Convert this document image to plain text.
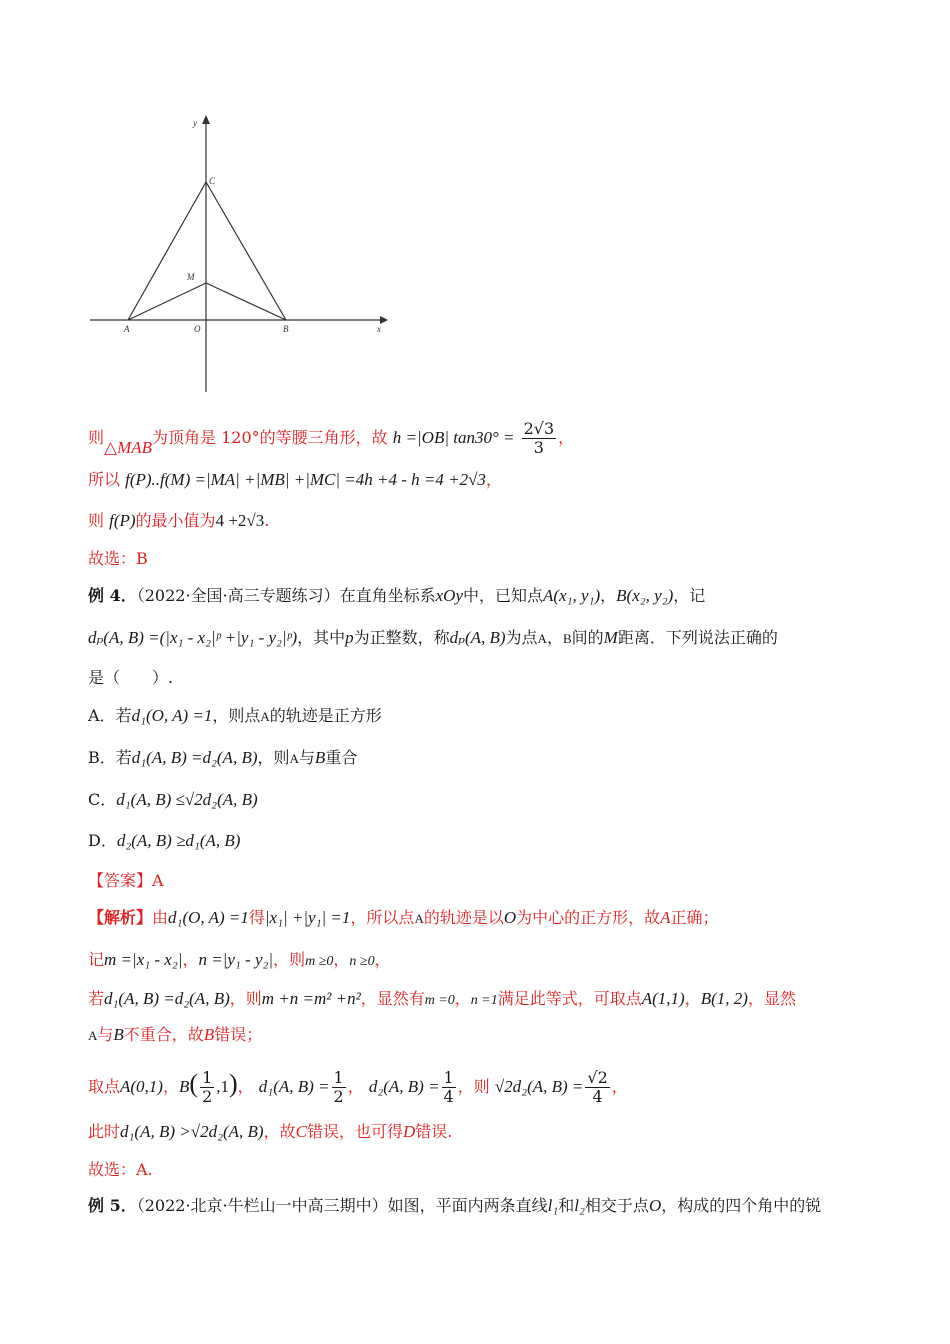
y
x
C
M
A	O	B
则△MAB为顶角是 120°的等腰三角形，故 h =|OB| $\tan 30^\circ = \frac{2√3}{3}$ ，
所以 f(P)..f(M) =|MA| +|MB| +|MC| =4h +4 - h =4 +2√3，
则 f(P)的最小值为4 +2√3.
故选：B
例 4．（2022·全国·高三专题练习）在直角坐标系xOy中，已知点A(x₁, y₁)，B(x₂, y₂)，记
dₚ(A, B) =(|x₁ - x₂|ᵖ +|y₁ - y₂|ᵖ)，其中p为正整数，称dₚ(A, B)为点A，B间的M距离．下列说法正确的
是（　　）.
A．若d₁(O, A) =1，则点A的轨迹是正方形
B．若d₁(A, B) =d₂(A, B)，则A与B重合
C．d₁(A, B) ≤√2d₂(A, B)
D．d₂(A, B) ≥d₁(A, B)
【答案】A
【解析】由d₁(O, A) =1得|x₁| +|y₁| =1，所以点A的轨迹是以O为中心的正方形，故A正确；
记m =|x₁ - x₂|，n =|y₁ - y₂|，则m ≥0，n ≥0，
若d₁(A, B) =d₂(A, B)，则m +n =m² +n²，显然有m =0，n =1满足此等式，可取点A(1,1)，B(1, 2)，显然
A与B不重合，故B错误；
取点A(0,1)，$B( \frac{1}{2} ,1)$， d₁(A, $B) = \frac{1}{2}$ ， d₂(A, $B) = \frac{1}{4}$ ，则 √2d₂(A, $B) = \frac{√2}{4}$ ，
此时d₁(A, B) >√2d₂(A, B)，故C错误，也可得D错误.
故选：A.
例 5．（2022·北京·牛栏山一中高三期中）如图，平面内两条直线l₁和l₂相交于点O，构成的四个角中的锐
